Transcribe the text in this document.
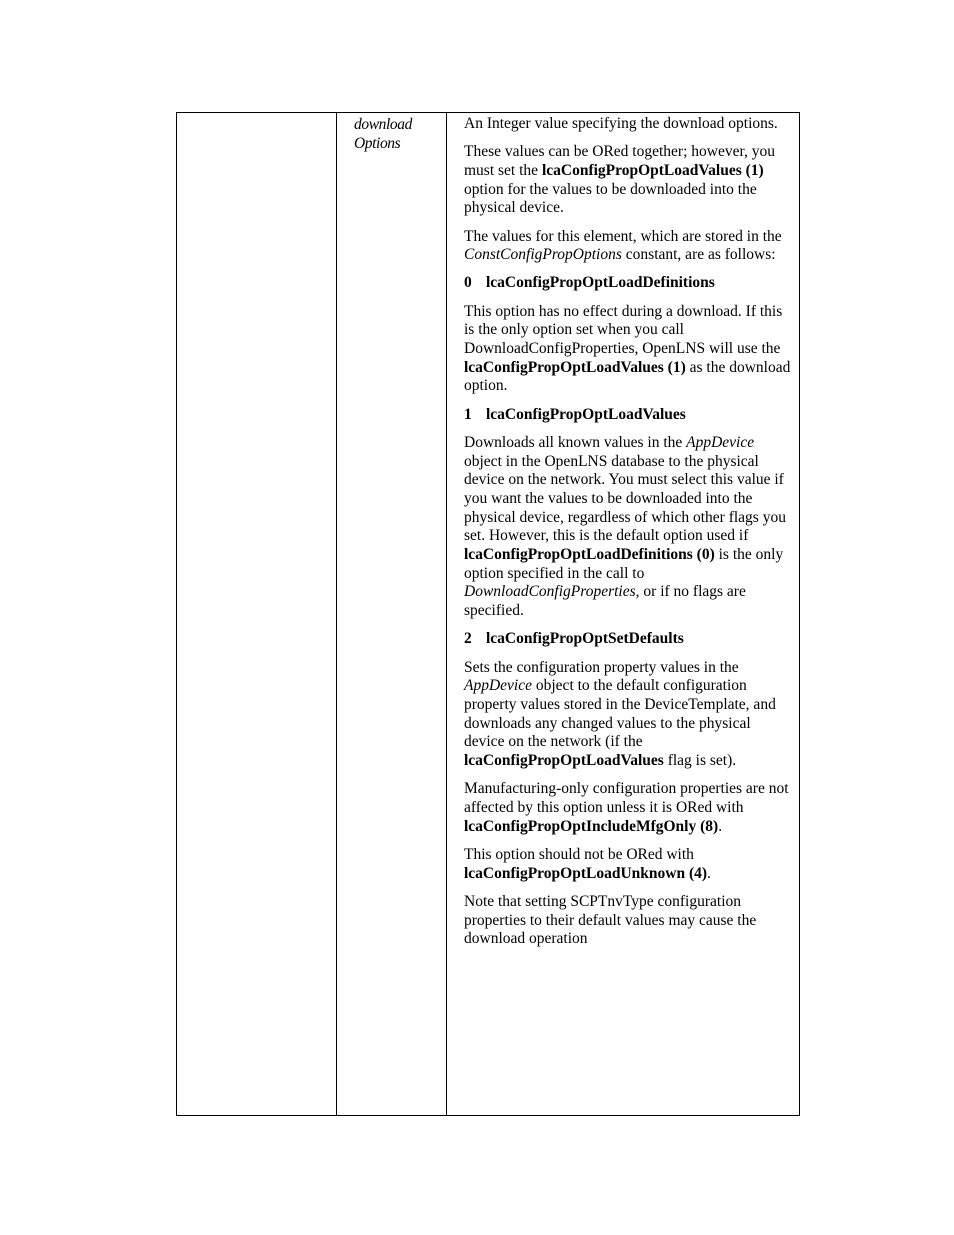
download
Options

An Integer value specifying the download options.

These values can be ORed together; however, you must set the lcaConfigPropOptLoadValues (1) option for the values to be downloaded into the physical device.

The values for this element, which are stored in the ConstConfigPropOptions constant, are as follows:

0 lcaConfigPropOptLoadDefinitions

This option has no effect during a download. If this is the only option set when you call DownloadConfigProperties, OpenLNS will use the lcaConfigPropOptLoadValues (1) as the download option.

1 lcaConfigPropOptLoadValues

Downloads all known values in the AppDevice object in the OpenLNS database to the physical device on the network. You must select this value if you want the values to be downloaded into the physical device, regardless of which other flags you set. However, this is the default option used if lcaConfigPropOptLoadDefinitions (0) is the only option specified in the call to DownloadConfigProperties, or if no flags are specified.

2 lcaConfigPropOptSetDefaults

Sets the configuration property values in the AppDevice object to the default configuration property values stored in the DeviceTemplate, and downloads any changed values to the physical device on the network (if the lcaConfigPropOptLoadValues flag is set).

Manufacturing-only configuration properties are not affected by this option unless it is ORed with lcaConfigPropOptIncludeMfgOnly (8).

This option should not be ORed with lcaConfigPropOptLoadUnknown (4).

Note that setting SCPTnvType configuration properties to their default values may cause the download operation
